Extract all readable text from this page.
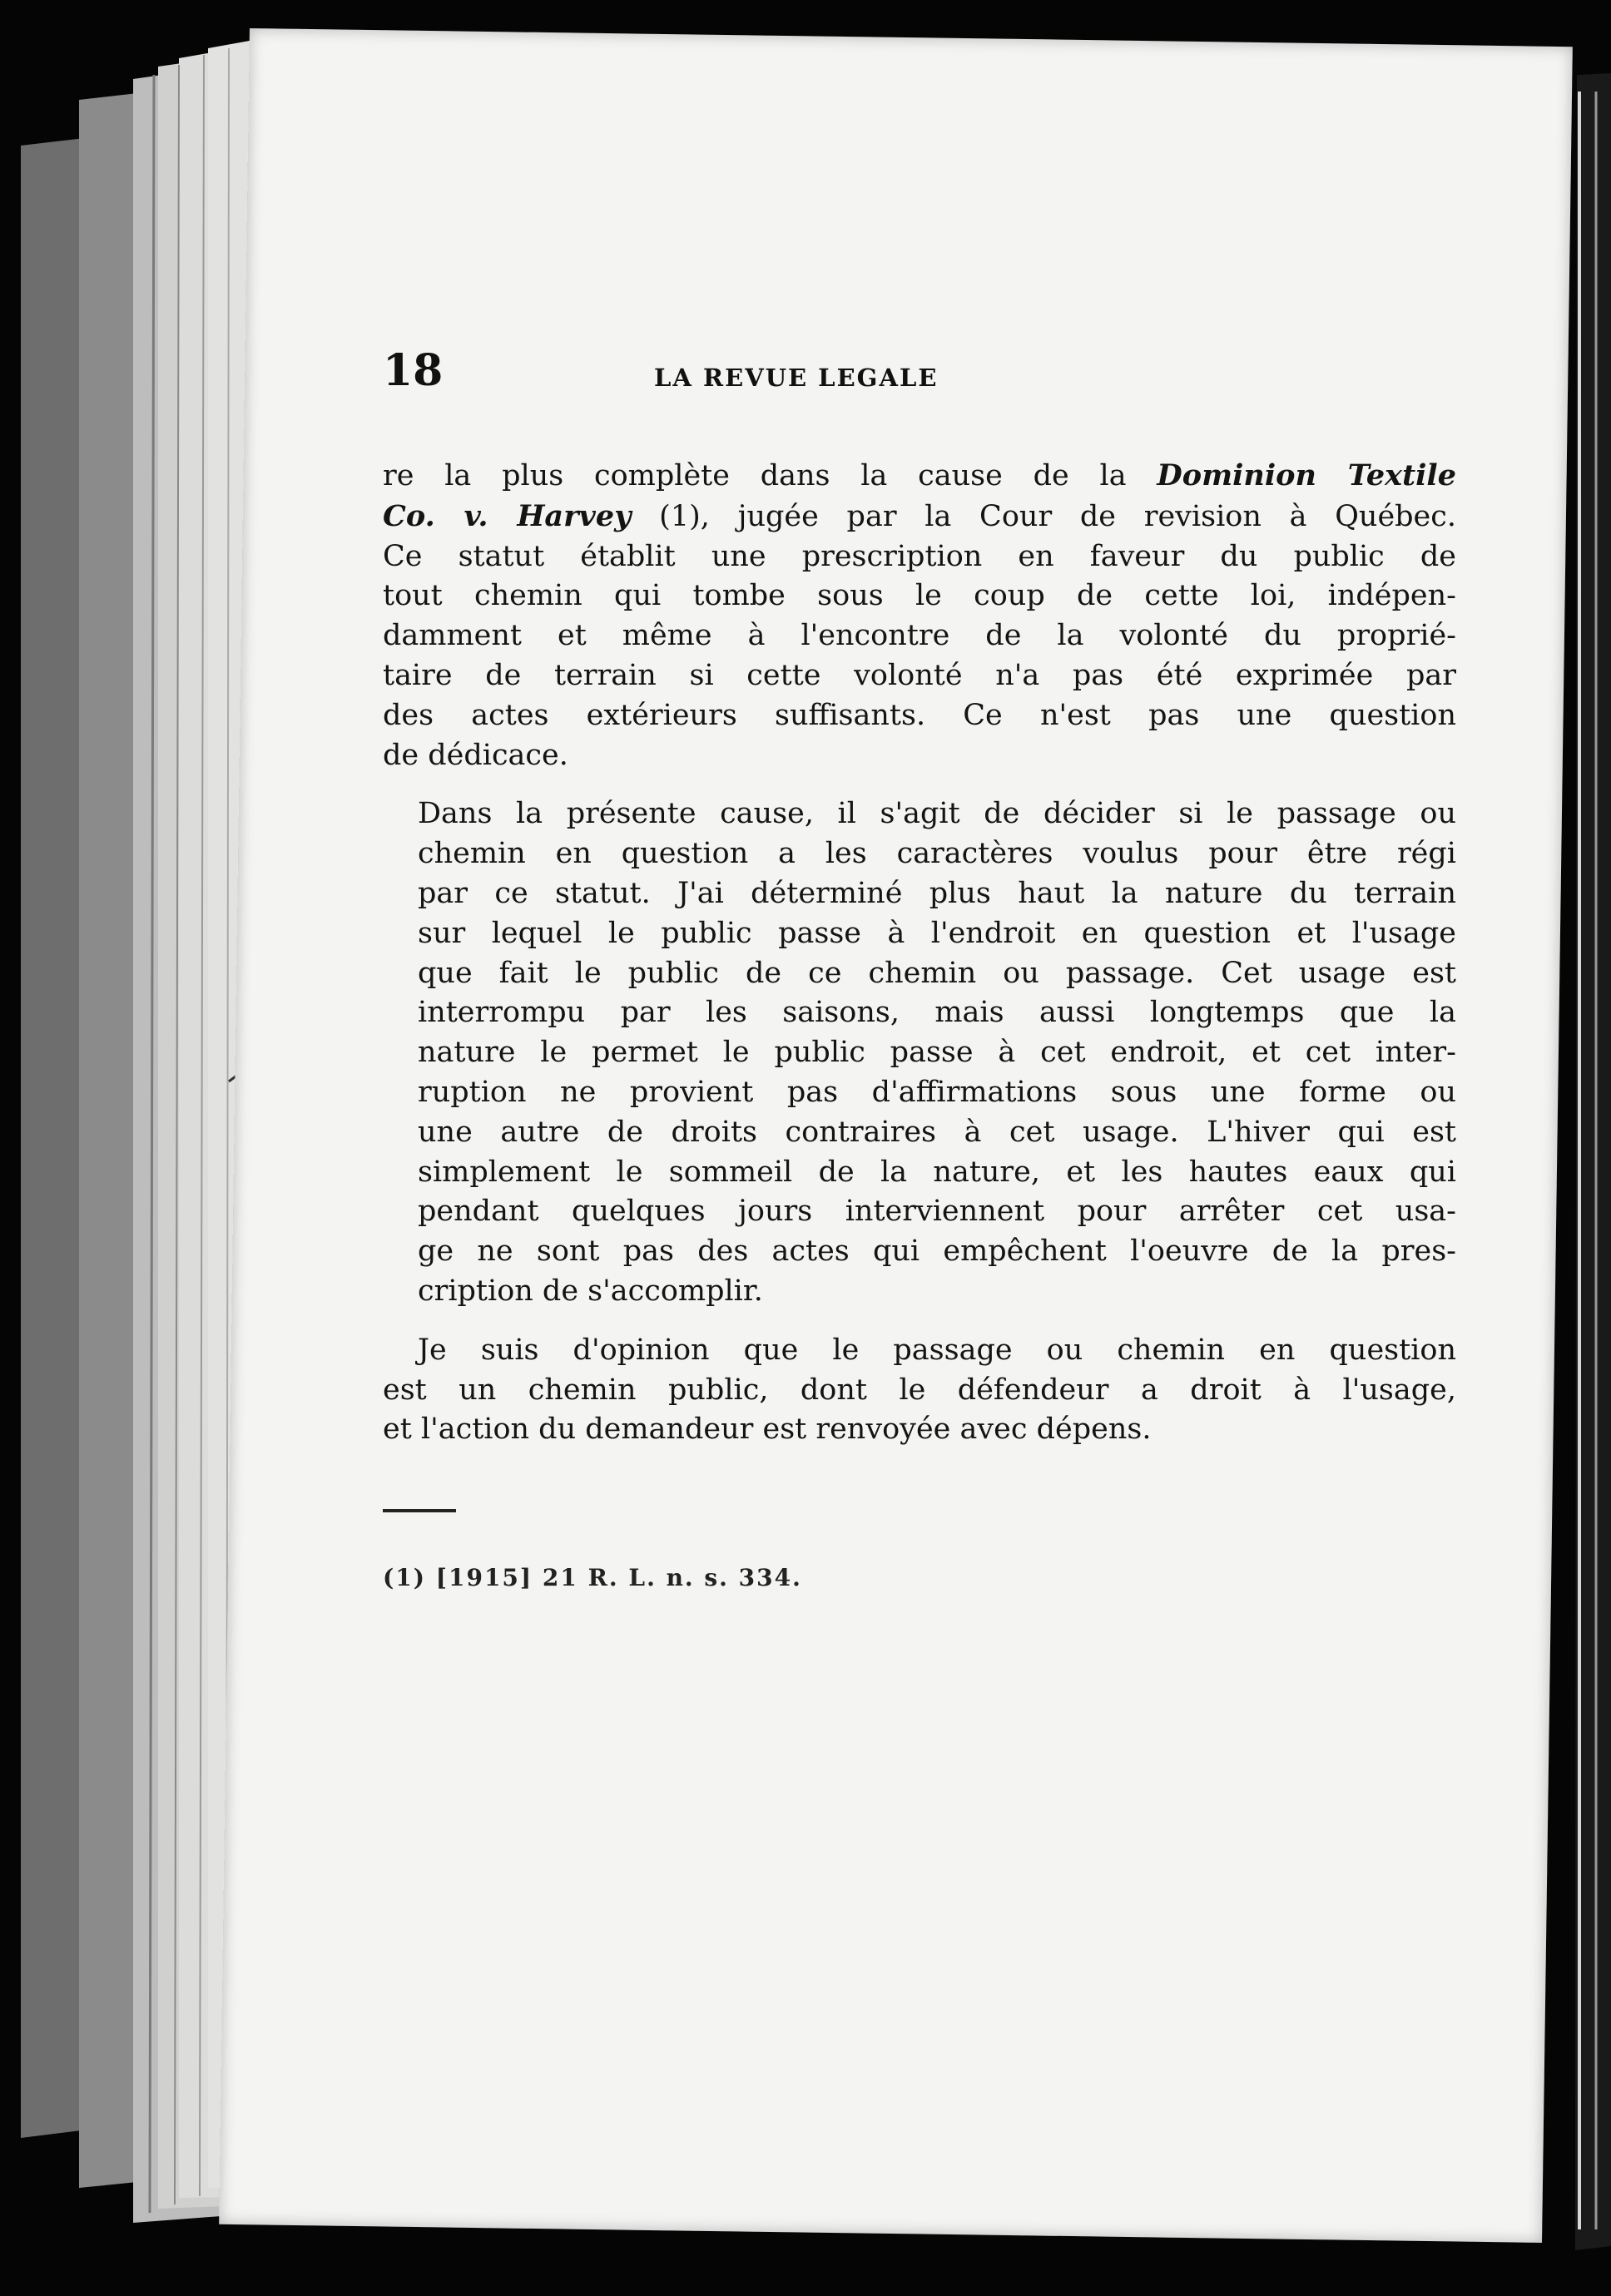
18	LA REVUE LEGALE

re la plus complète dans la cause de la Dominion Textile
Co. v. Harvey (1), jugée par la Cour de revision à Québec.
Ce statut établit une prescription en faveur du public de
tout chemin qui tombe sous le coup de cette loi, indépen-
damment et même à l'encontre de la volonté du proprié-
taire de terrain si cette volonté n'a pas été exprimée par
des actes extérieurs suffisants. Ce n'est pas une question
de dédicace.

Dans la présente cause, il s'agit de décider si le passage ou
chemin en question a les caractères voulus pour être régi
par ce statut. J'ai déterminé plus haut la nature du terrain
sur lequel le public passe à l'endroit en question et l'usage
que fait le public de ce chemin ou passage. Cet usage est
interrompu par les saisons, mais aussi longtemps que la
nature le permet le public passe à cet endroit, et cet inter-
ruption ne provient pas d'affirmations sous une forme ou
une autre de droits contraires à cet usage. L'hiver qui est
simplement le sommeil de la nature, et les hautes eaux qui
pendant quelques jours interviennent pour arrêter cet usa-
ge ne sont pas des actes qui empêchent l'oeuvre de la pres-
cription de s'accomplir.

Je suis d'opinion que le passage ou chemin en question
est un chemin public, dont le défendeur a droit à l'usage,
et l'action du demandeur est renvoyée avec dépens.

(1) [1915] 21 R. L. n. s. 334.
